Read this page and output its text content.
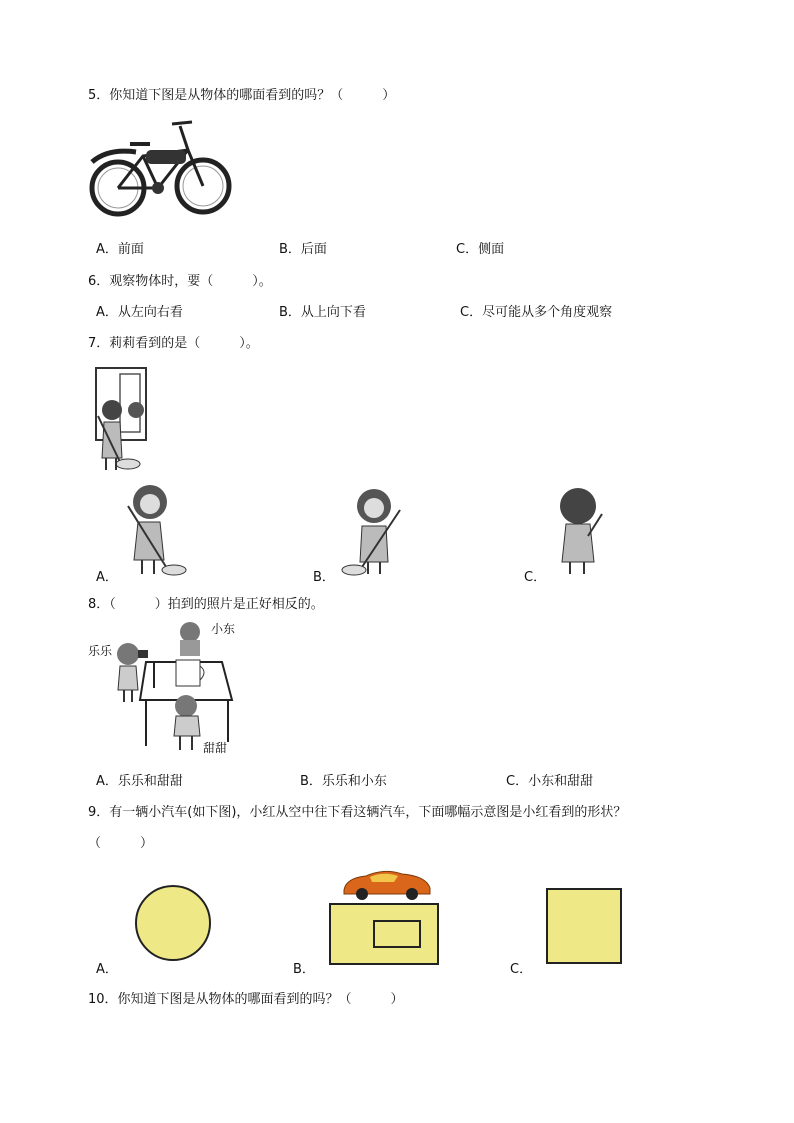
5．你知道下图是从物体的哪面看到的吗？（　　　）
A．前面	B．后面	C．侧面
6．观察物体时，要（　　　）。
A．从左向右看	B．从上向下看	C．尽可能从多个角度观察
7．莉莉看到的是（　　　）。
A．	B．	C．
8．（　　　）拍到的照片是正好相反的。
乐乐
小东
甜甜
A．乐乐和甜甜	B．乐乐和小东	C．小东和甜甜
9．有一辆小汽车(如下图)，小红从空中往下看这辆汽车，下面哪幅示意图是小红看到的形状？
（　　　）
A．	B．	C．
10．你知道下图是从物体的哪面看到的吗？（　　　）
